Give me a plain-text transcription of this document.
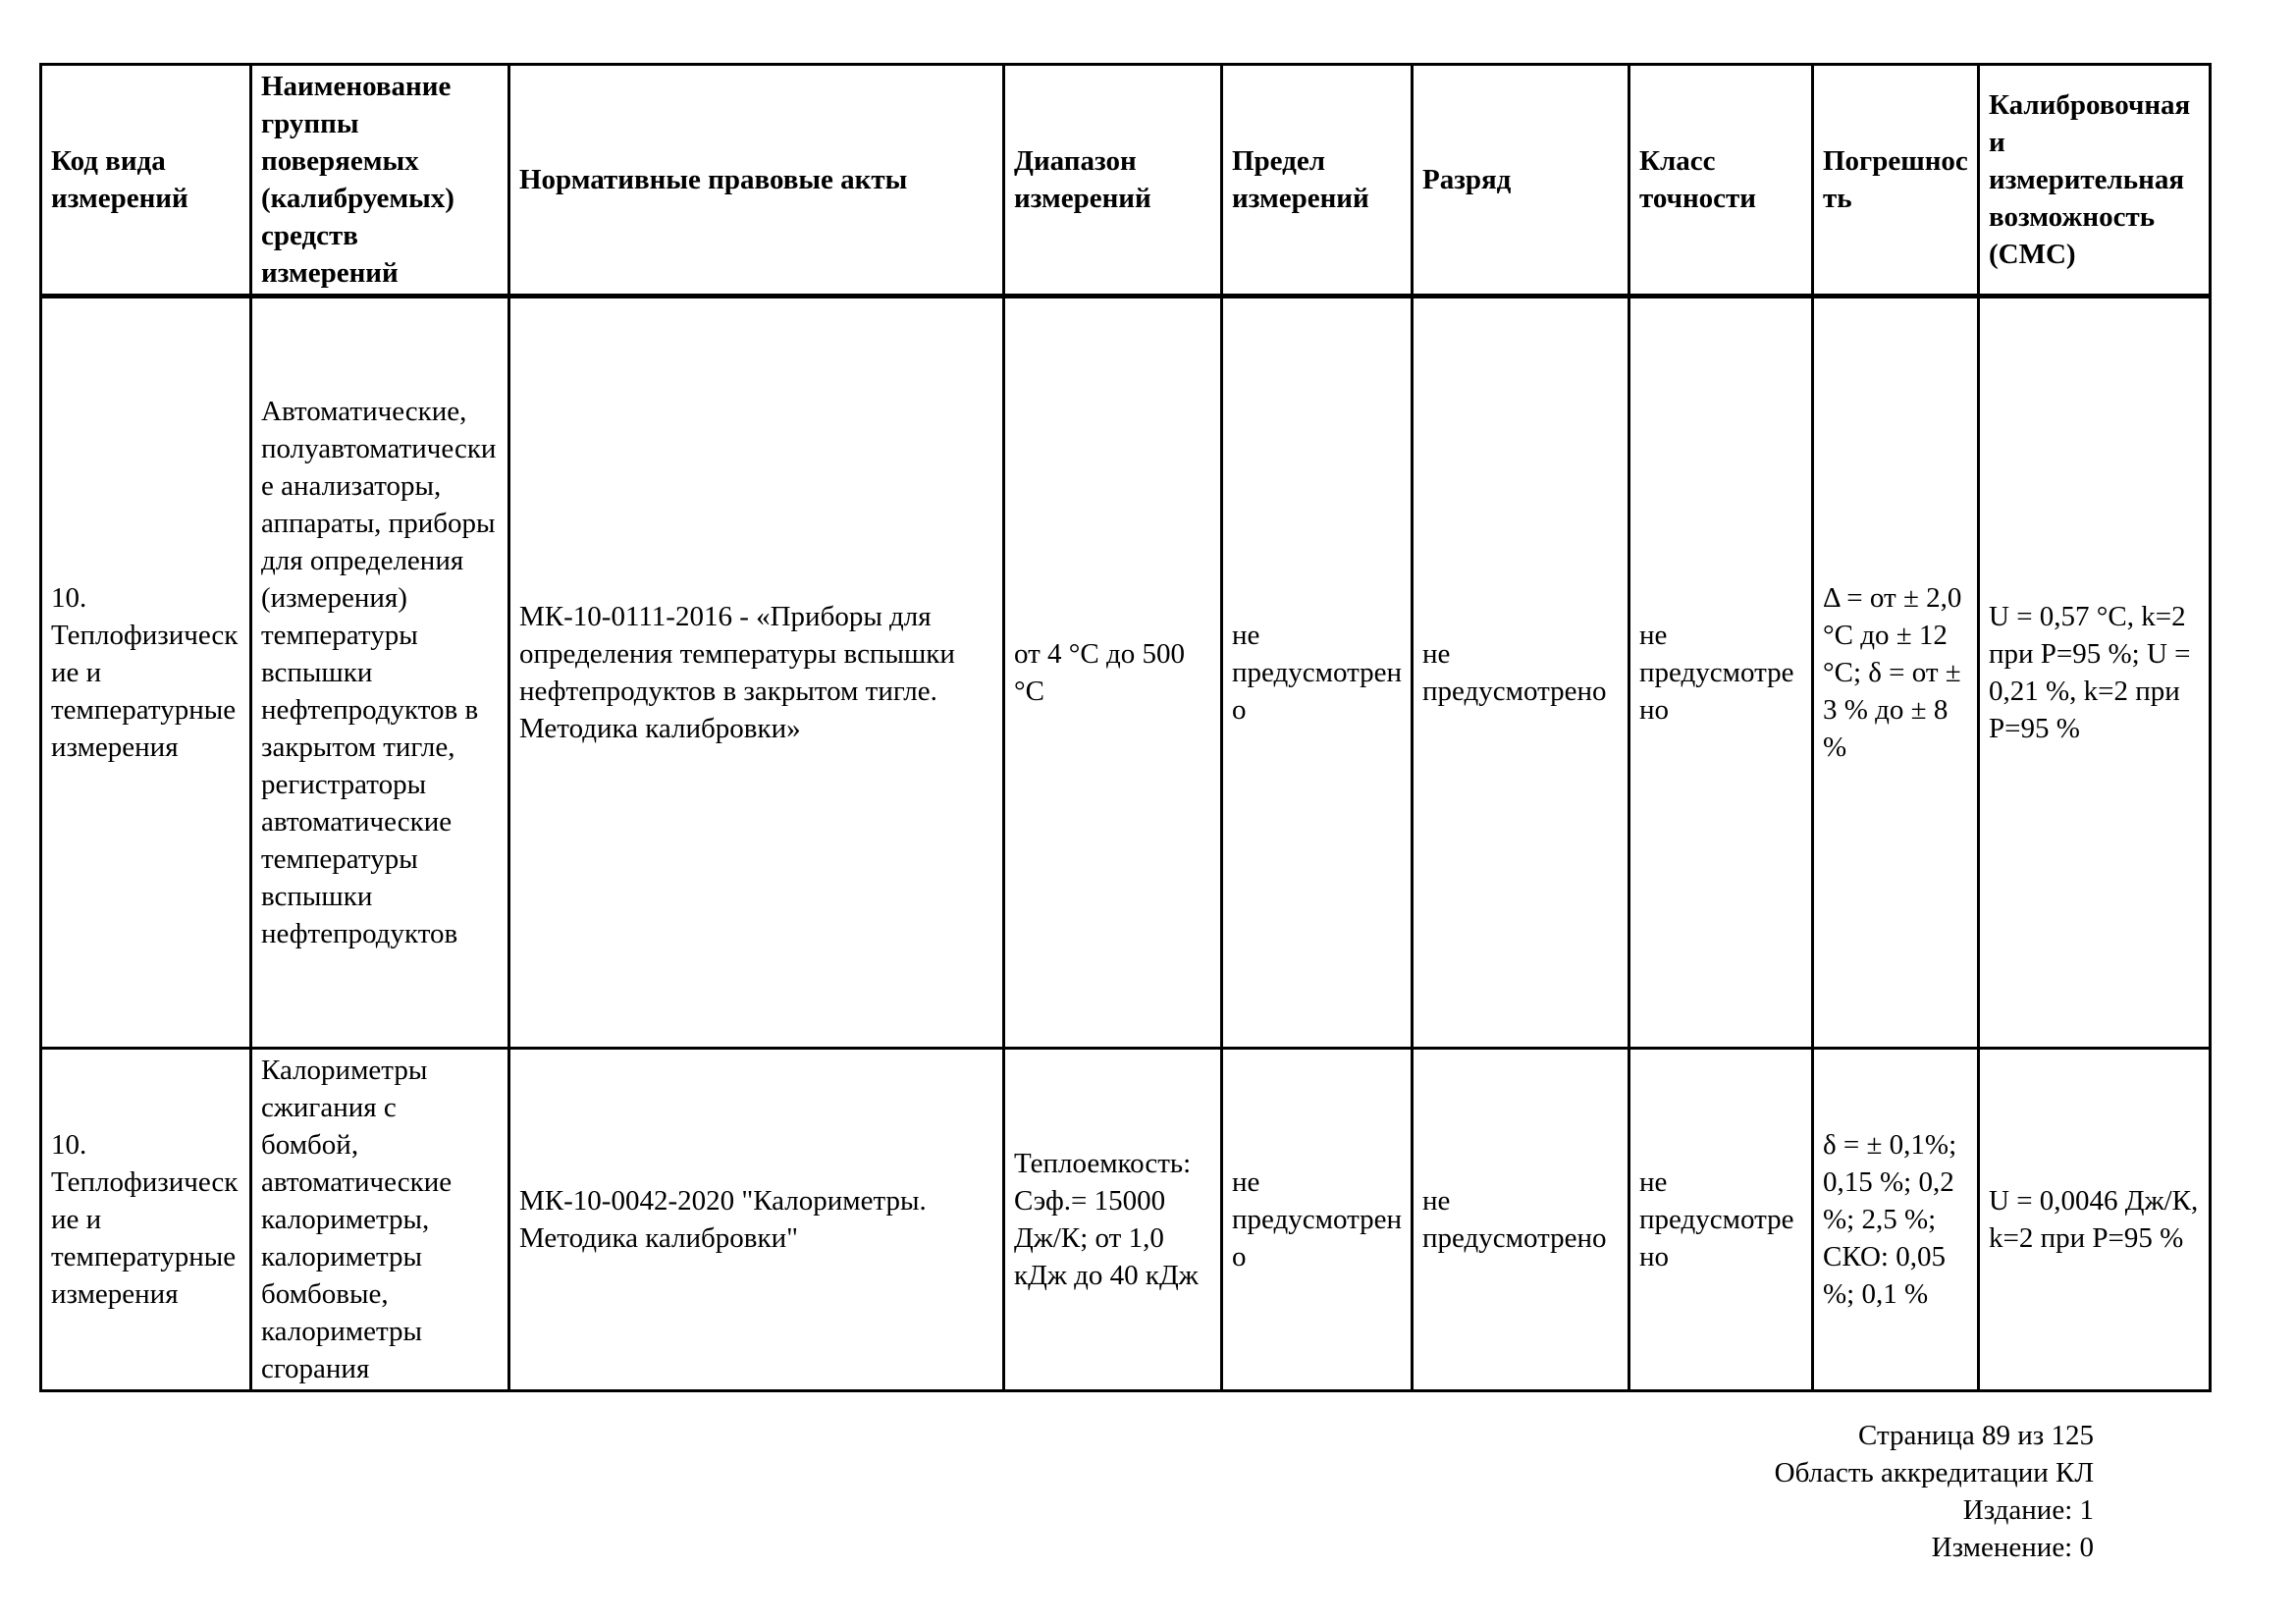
Код вида измерений	Наименование группы поверяемых (калибруемых) средств измерений	Нормативные правовые акты	Диапазон измерений	Предел измерений	Разряд	Класс точности	Погрешность	Калибровочная и измерительная возможность (СМС)
10. Теплофизические и температурные измерения	Автоматические, полуавтоматические анализаторы, аппараты, приборы для определения (измерения) температуры вспышки нефтепродуктов в закрытом тигле, регистраторы автоматические температуры вспышки нефтепродуктов	МК-10-0111-2016 - «Приборы для определения температуры вспышки нефтепродуктов в закрытом тигле. Методика калибровки»	от 4 °С до 500 °С	не предусмотрено	не предусмотрено	не предусмотрено	Δ = от ± 2,0 °С до ± 12 °С; δ = от ± 3 % до ± 8 %	U = 0,57 °С, k=2 при Р=95 %; U = 0,21 %, k=2 при Р=95 %
10. Теплофизические и температурные измерения	Калориметры сжигания с бомбой, автоматические калориметры, калориметры бомбовые, калориметры сгорания	МК-10-0042-2020 "Калориметры. Методика калибровки"	Теплоемкость: Сэф.= 15000 Дж/К; от 1,0 кДж до 40 кДж	не предусмотрено	не предусмотрено	не предусмотрено	δ = ± 0,1%; 0,15 %; 0,2 %; 2,5 %; СКО: 0,05 %; 0,1 %	U = 0,0046 Дж/К, k=2 при Р=95 %
Страница 89 из 125
Область аккредитации КЛ
Издание: 1
Изменение: 0
